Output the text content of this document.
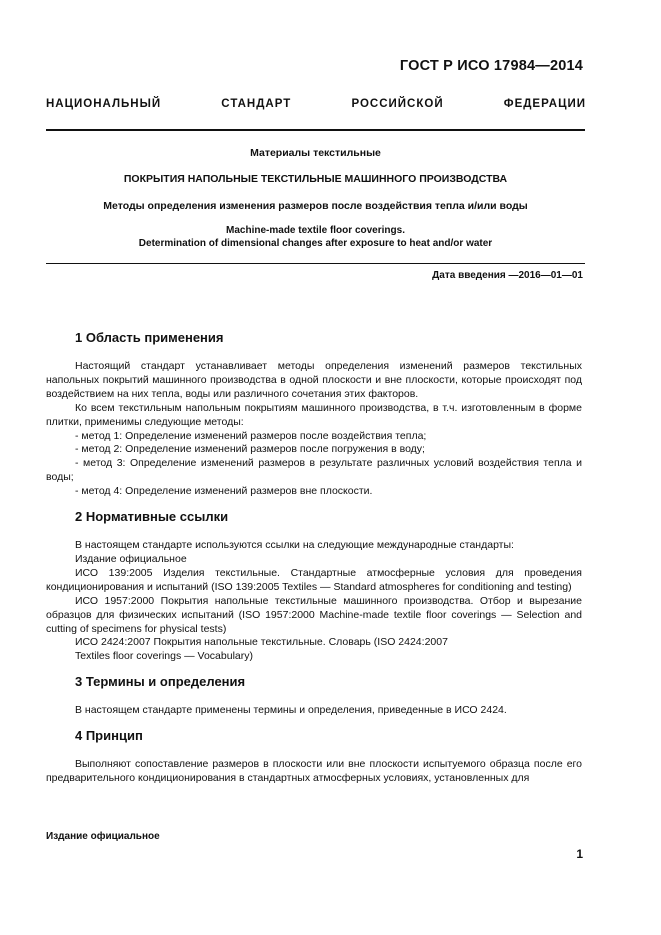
ГОСТ Р ИСО 17984—2014
НАЦИОНАЛЬНЫЙ СТАНДАРТ РОССИЙСКОЙ ФЕДЕРАЦИИ
Материалы текстильные
ПОКРЫТИЯ НАПОЛЬНЫЕ ТЕКСТИЛЬНЫЕ МАШИННОГО ПРОИЗВОДСТВА
Методы определения изменения размеров после воздействия тепла и/или воды
Machine-made textile floor coverings.
Determination of dimensional changes after exposure to heat and/or water
Дата введения —2016—01—01
1 Область применения

Настоящий стандарт устанавливает методы определения изменений размеров текстильных напольных покрытий машинного производства в одной плоскости и вне плоскости, которые происходят под воздействием на них тепла, воды или различного сочетания этих факторов.

Ко всем текстильным напольным покрытиям машинного производства, в т.ч. изготовленным в форме плитки, применимы следующие методы:

- метод 1: Определение изменений размеров после воздействия тепла;

- метод 2: Определение изменений размеров после погружения в воду;

- метод 3: Определение изменений размеров в результате различных условий воздействия тепла и воды;

- метод 4: Определение изменений размеров вне плоскости.

2 Нормативные ссылки

В настоящем стандарте используются ссылки на следующие международные стандарты:

Издание официальное

ИСО 139:2005 Изделия текстильные. Стандартные атмосферные условия для проведения кондиционирования и испытаний (ISO 139:2005 Textiles — Standard atmospheres for conditioning and testing)

ИСО 1957:2000 Покрытия напольные текстильные машинного производства. Отбор и вырезание образцов для физических испытаний (ISO 1957:2000 Machine-made textile floor coverings — Selection and cutting of specimens for physical tests)

ИСО 2424:2007 Покрытия напольные текстильные. Словарь (ISO 2424:2007

Textiles floor coverings — Vocabulary)

3 Термины и определения

В настоящем стандарте применены термины и определения, приведенные в ИСО 2424.

4 Принцип

Выполняют сопоставление размеров в плоскости или вне плоскости испытуемого образца после его предварительного кондиционирования в стандартных атмосферных условиях, установленных для

Издание официальное
1
